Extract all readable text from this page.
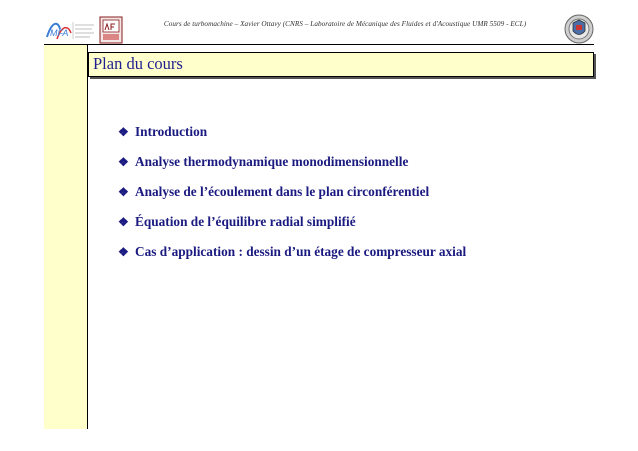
MFA
Cours de turbomachine – Xavier Ottavy (CNRS – Laboratoire de Mécanique des Fluides et d'Acoustique UMR 5509 - ECL)
Plan du cours
❖ Introduction
❖ Analyse thermodynamique monodimensionnelle
❖ Analyse de l’écoulement dans le plan circonférentiel
❖ Équation de l’équilibre radial simplifié
❖ Cas d’application : dessin d’un étage de compresseur axial
